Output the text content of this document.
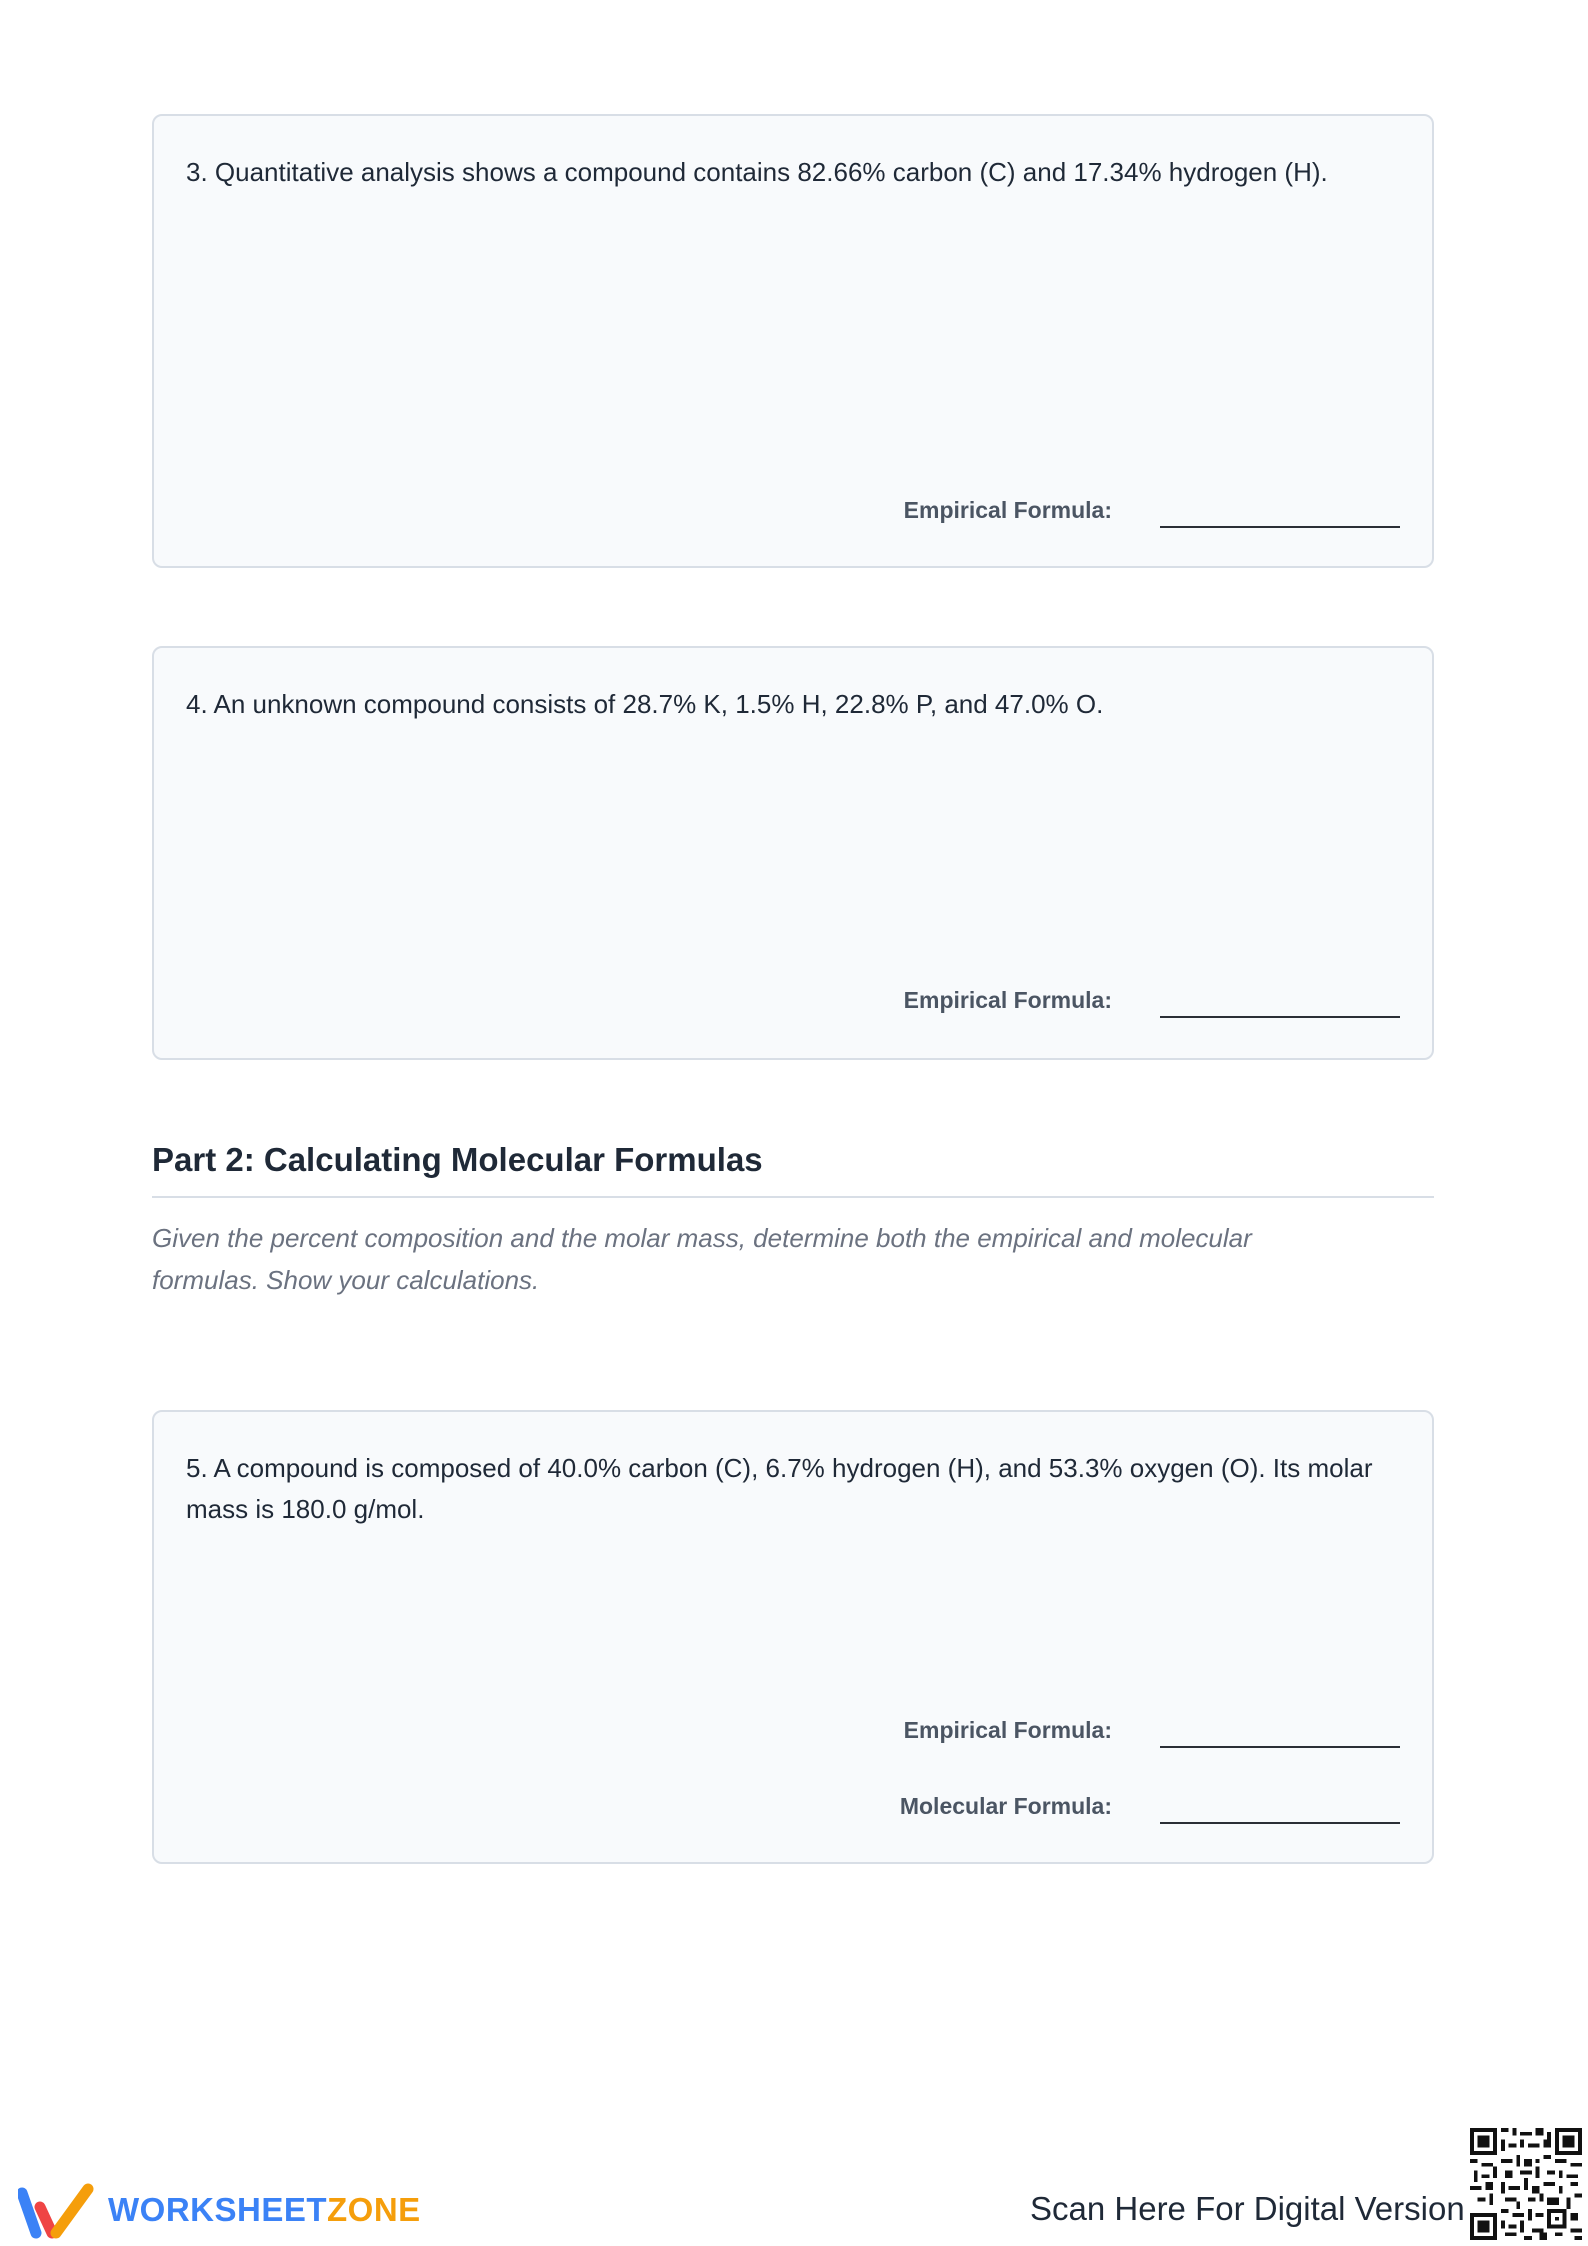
3. Quantitative analysis shows a compound contains 82.66% carbon (C) and 17.34% hydrogen (H).

Empirical Formula:

4. An unknown compound consists of 28.7% K, 1.5% H, 22.8% P, and 47.0% O.

Empirical Formula:
Part 2: Calculating Molecular Formulas

Given the percent composition and the molar mass, determine both the empirical and molecular formulas. Show your calculations.

5. A compound is composed of 40.0% carbon (C), 6.7% hydrogen (H), and 53.3% oxygen (O). Its molar mass is 180.0 g/mol.

Empirical Formula:
Molecular Formula:
WORKSHEETZONE	Scan Here For Digital Version
